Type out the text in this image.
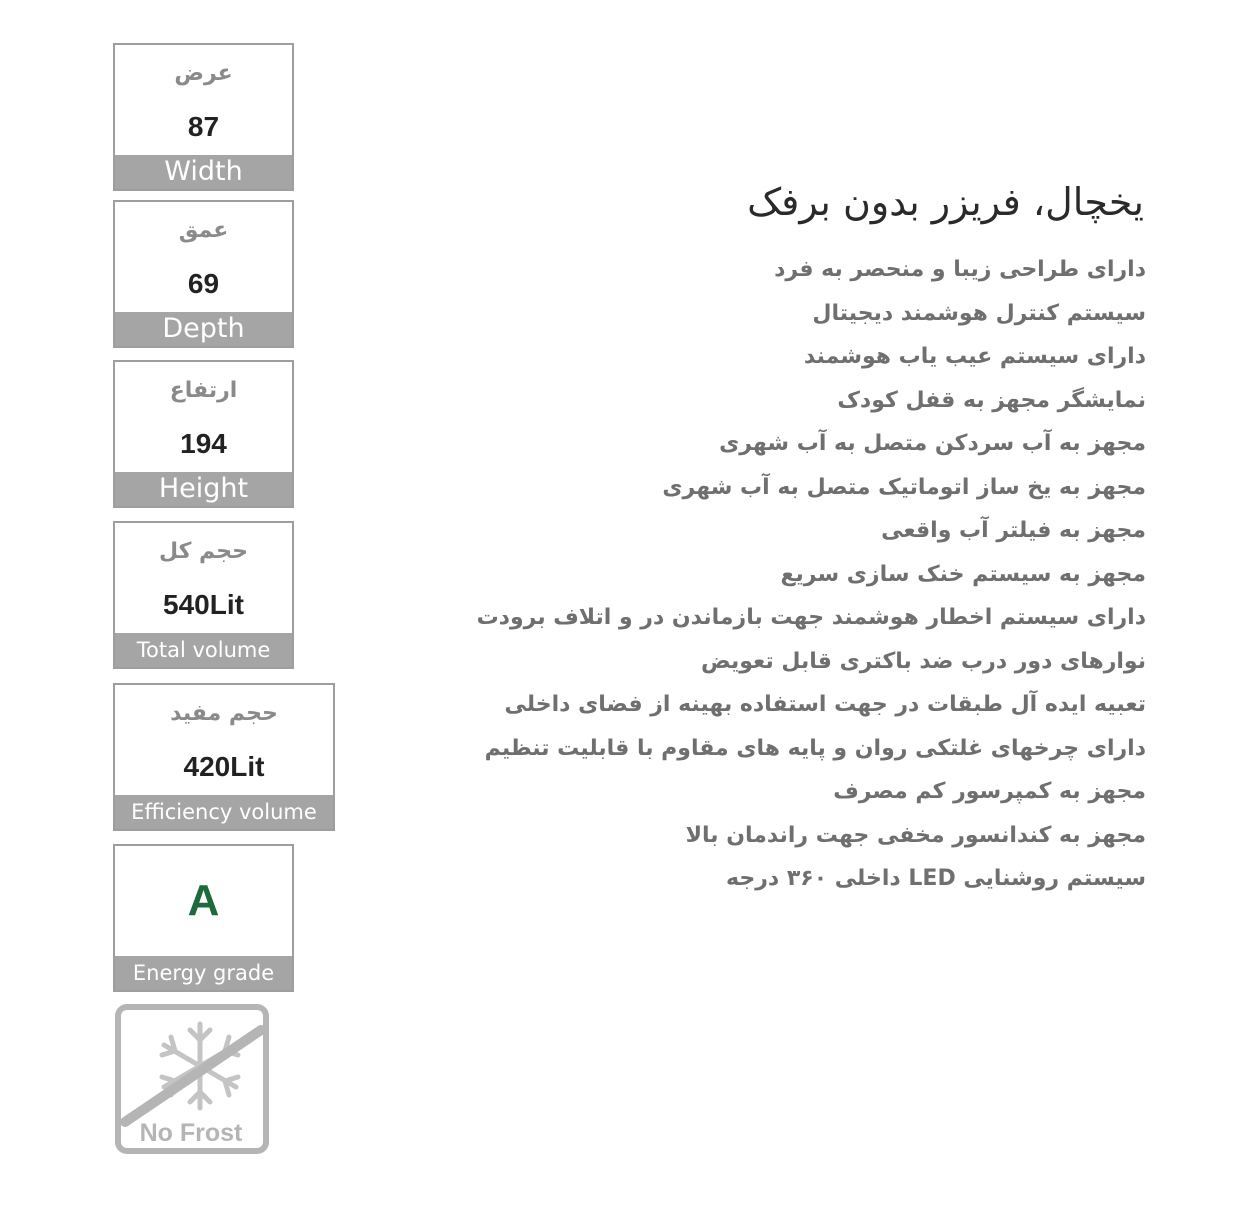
عرض
87
Width
عمق
69
Depth
ارتفاع
194
Height
حجم کل
540Lit
Total volume
حجم مفید
420Lit
Efficiency volume
A
Energy grade
No Frost
یخچال، فریزر بدون برفک
دارای طراحی زیبا و منحصر به فرد
سیستم کنترل هوشمند دیجیتال
دارای سیستم عیب یاب هوشمند
نمایشگر مجهز به قفل کودک
مجهز به آب سردکن متصل به آب شهری
مجهز به یخ ساز اتوماتیک متصل به آب شهری
مجهز به فیلتر آب واقعی
مجهز به سیستم خنک سازی سریع
دارای سیستم اخطار هوشمند جهت بازماندن در و اتلاف برودت
نوارهای دور درب ضد باکتری قابل تعویض
تعبیه ایده آل طبقات در جهت استفاده بهینه از فضای داخلی
دارای چرخهای غلتکی روان و پایه های مقاوم با قابلیت تنظیم
مجهز به کمپرسور کم مصرف
مجهز به کندانسور مخفی جهت راندمان بالا
سیستم روشنایی LED داخلی ۳۶۰ درجه
